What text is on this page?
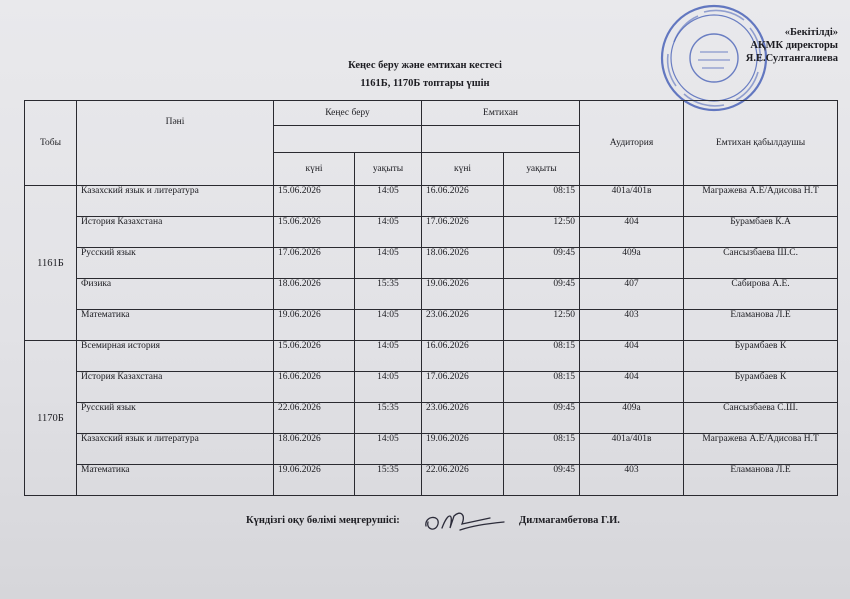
«Бекітілді»
АҚМК директоры
Я.Е.Султангалиева
Кеңес беру және емтихан кестесі
1161Б, 1170Б топтары үшін
Тобы	Пәні	Кеңес беру		Емтихан		Аудитория	Емтихан қабылдаушы

		күні	уақыты	күні	уақыты		
1161Б	Казахский язык и литература	15.06.2026	14:05	16.06.2026	08:15	401а/401в	Магражева А.Е/Адисова Н.Т
	История Казахстана	15.06.2026	14:05	17.06.2026	12:50	404	Бурамбаев К.А
	Русский язык	17.06.2026	14:05	18.06.2026	09:45	409а	Сансызбаева Ш.С.
	Физика	18.06.2026	15:35	19.06.2026	09:45	407	Сабирова А.Е.
	Математика	19.06.2026	14:05	23.06.2026	12:50	403	Еламанова Л.Е
1170Б	Всемирная история	15.06.2026	14:05	16.06.2026	08:15	404	Бурамбаев К
	История Казахстана	16.06.2026	14:05	17.06.2026	08:15	404	Бурамбаев К
	Русский язык	22.06.2026	15:35	23.06.2026	09:45	409а	Сансызбаева С.Ш.
	Казахский язык и литература	18.06.2026	14:05	19.06.2026	08:15	401а/401в	Магражева А.Е/Адисова Н.Т
	Математика	19.06.2026	15:35	22.06.2026	09:45	403	Еламанова Л.Е
Күндізгі оқу бөлімі меңгерушісі:	Дилмагамбетова Г.И.
